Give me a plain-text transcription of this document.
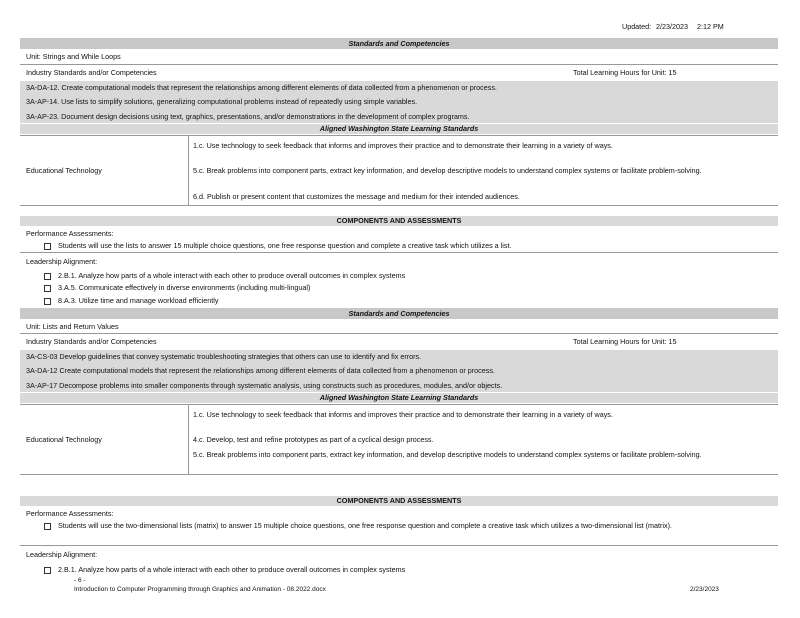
Updated: 2/23/2023 2:12 PM
Standards and Competencies
Unit: Strings and While Loops
Industry Standards and/or Competencies	Total Learning Hours for Unit: 15
3A-DA-12. Create computational models that represent the relationships among different elements of data collected from a phenomenon or process.
3A-AP-14. Use lists to simplify solutions, generalizing computational problems instead of repeatedly using simple variables.
3A-AP-23. Document design decisions using text, graphics, presentations, and/or demonstrations in the development of complex programs.
Aligned Washington State Learning Standards
Educational Technology
1.c. Use technology to seek feedback that informs and improves their practice and to demonstrate their learning in a variety of ways.
5.c. Break problems into component parts, extract key information, and develop descriptive models to understand complex systems or facilitate problem-solving.
6.d. Publish or present content that customizes the message and medium for their intended audiences.
COMPONENTS AND ASSESSMENTS
Performance Assessments:
Students will use the lists to answer 15 multiple choice questions, one free response question and complete a creative task which utilizes a list.
Leadership Alignment:
2.B.1. Analyze how parts of a whole interact with each other to produce overall outcomes in complex systems
3.A.5. Communicate effectively in diverse environments (including multi-lingual)
8.A.3. Utilize time and manage workload efficiently
Standards and Competencies
Unit: Lists and Return Values
Industry Standards and/or Competencies	Total Learning Hours for Unit: 15
3A-CS-03 Develop guidelines that convey systematic troubleshooting strategies that others can use to identify and fix errors.
3A-DA-12 Create computational models that represent the relationships among different elements of data collected from a phenomenon or process.
3A-AP-17 Decompose problems into smaller components through systematic analysis, using constructs such as procedures, modules, and/or objects.
Aligned Washington State Learning Standards
Educational Technology
1.c. Use technology to seek feedback that informs and improves their practice and to demonstrate their learning in a variety of ways.
4.c. Develop, test and refine prototypes as part of a cyclical design process.
5.c. Break problems into component parts, extract key information, and develop descriptive models to understand complex systems or facilitate problem-solving.
COMPONENTS AND ASSESSMENTS
Performance Assessments:
Students will use the two-dimensional lists (matrix) to answer 15 multiple choice questions, one free response question and complete a creative task which utilizes a two-dimensional list (matrix).
Leadership Alignment:
2.B.1. Analyze how parts of a whole interact with each other to produce overall outcomes in complex systems
- 6 -
Introduction to Computer Programming through Graphics and Animation - 08.2022.docx	2/23/2023
